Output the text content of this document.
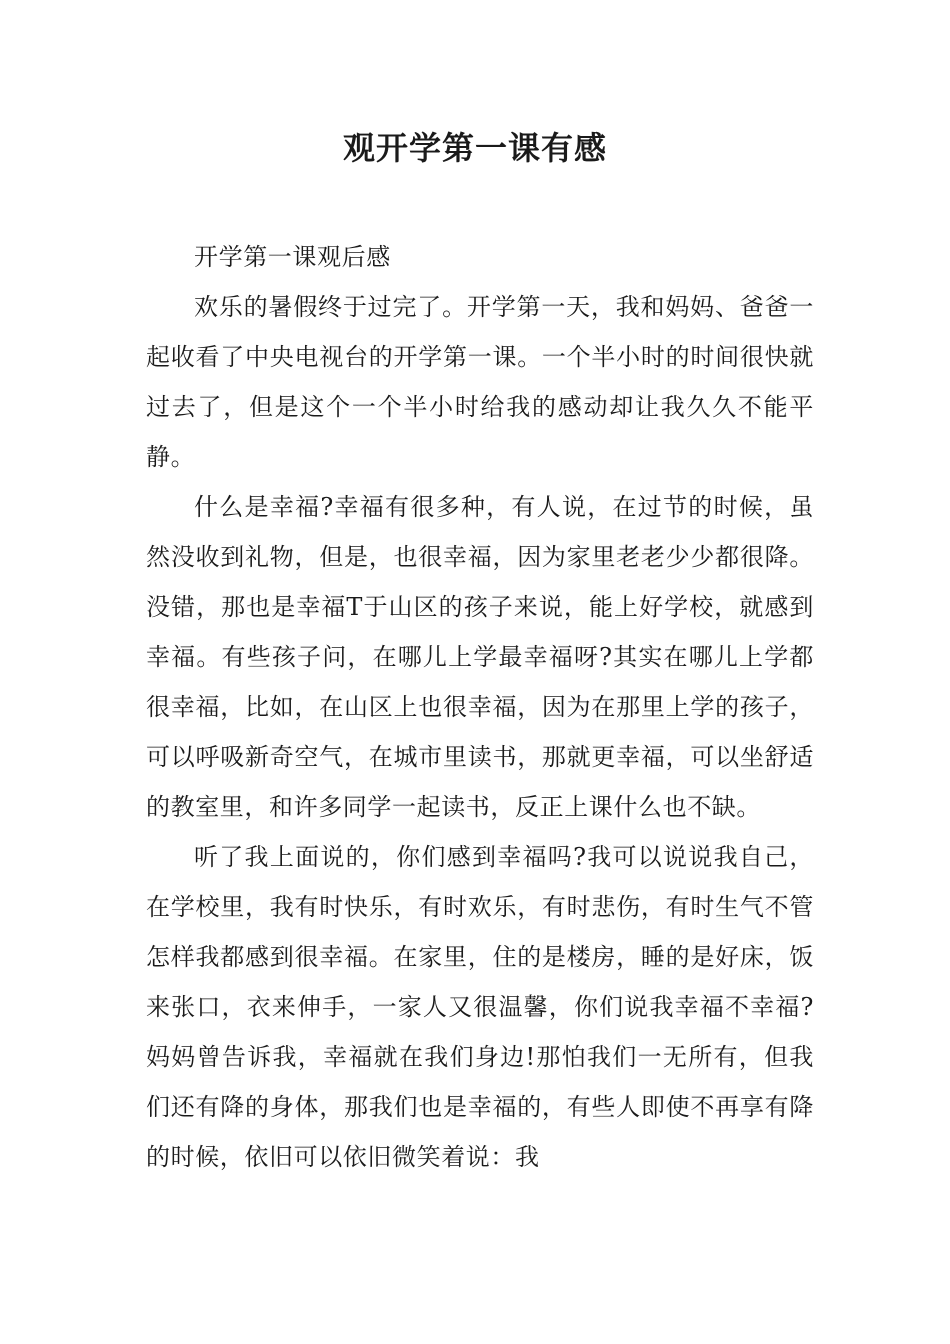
观开学第一课有感

开学第一课观后感

欢乐的暑假终于过完了。开学第一天，我和妈妈、爸爸一起收看了中央电视台的开学第一课。一个半小时的时间很快就过去了，但是这个一个半小时给我的感动却让我久久不能平静。

什么是幸福?幸福有很多种，有人说，在过节的时候，虽然没收到礼物，但是，也很幸福，因为家里老老少少都很降。没错，那也是幸福T于山区的孩子来说，能上好学校，就感到幸福。有些孩子问，在哪儿上学最幸福呀?其实在哪儿上学都很幸福，比如，在山区上也很幸福，因为在那里上学的孩子，可以呼吸新奇空气，在城市里读书，那就更幸福，可以坐舒适的教室里，和许多同学一起读书，反正上课什么也不缺。

听了我上面说的，你们感到幸福吗?我可以说说我自己，在学校里，我有时快乐，有时欢乐，有时悲伤，有时生气不管怎样我都感到很幸福。在家里，住的是楼房，睡的是好床，饭来张口，衣来伸手，一家人又很温馨，你们说我幸福不幸福?妈妈曾告诉我，幸福就在我们身边!那怕我们一无所有，但我们还有降的身体，那我们也是幸福的，有些人即使不再享有降的时候，依旧可以依旧微笑着说：我
